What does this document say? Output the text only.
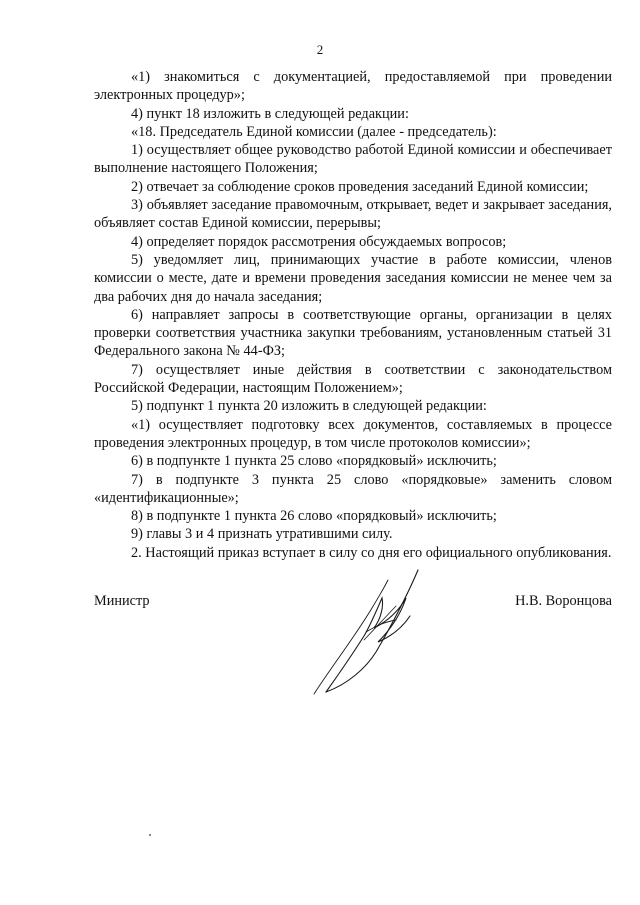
2

«1) знакомиться с документацией, предоставляемой при проведении электронных процедур»;

4) пункт 18 изложить в следующей редакции:

«18. Председатель Единой комиссии (далее - председатель):

1) осуществляет общее руководство работой Единой комиссии и обеспечивает выполнение настоящего Положения;

2) отвечает за соблюдение сроков проведения заседаний Единой комиссии;

3) объявляет заседание правомочным, открывает, ведет и закрывает заседания, объявляет состав Единой комиссии, перерывы;

4) определяет порядок рассмотрения обсуждаемых вопросов;

5) уведомляет лиц, принимающих участие в работе комиссии, членов комиссии о месте, дате и времени проведения заседания комиссии не менее чем за два рабочих дня до начала заседания;

6) направляет запросы в соответствующие органы, организации в целях проверки соответствия участника закупки требованиям, установленным статьей 31 Федерального закона № 44-ФЗ;

7) осуществляет иные действия в соответствии с законодательством Российской Федерации, настоящим Положением»;

5) подпункт 1 пункта 20 изложить в следующей редакции:

«1) осуществляет подготовку всех документов, составляемых в процессе проведения электронных процедур, в том числе протоколов комиссии»;

6) в подпункте 1 пункта 25 слово «порядковый» исключить;

7) в подпункте 3 пункта 25 слово «порядковые» заменить словом «идентификационные»;

8) в подпункте 1 пункта 26 слово «порядковый» исключить;

9) главы 3 и 4 признать утратившими силу.

2. Настоящий приказ вступает в силу со дня его официального опубликования.

Министр	Н.В. Воронцова
